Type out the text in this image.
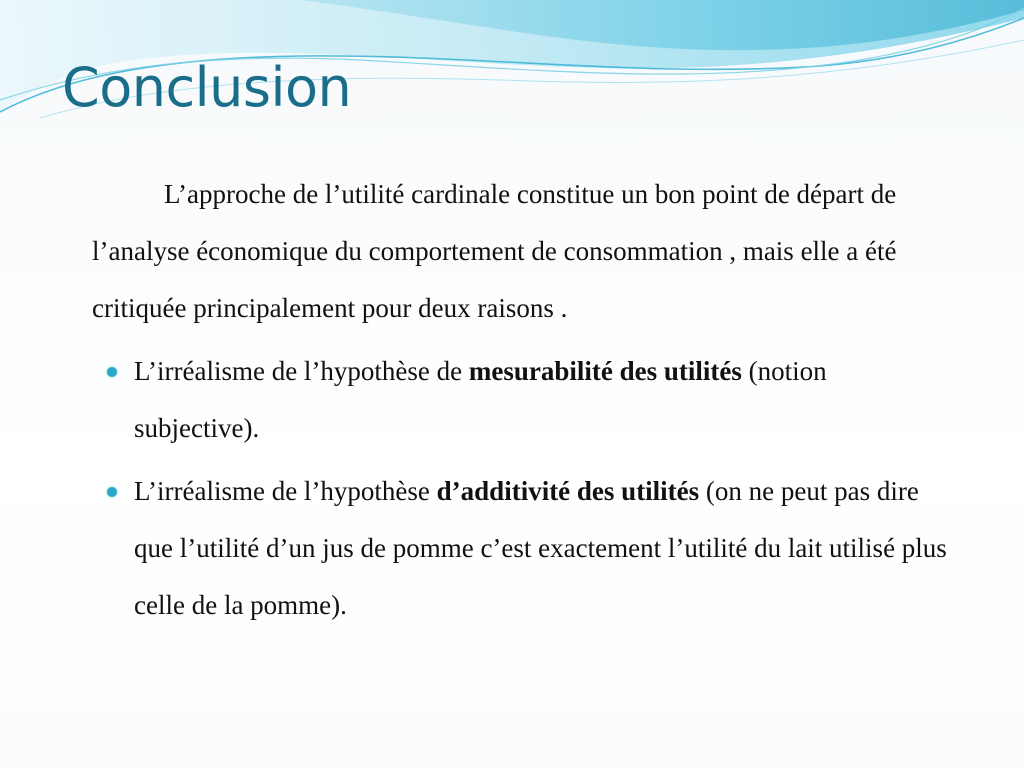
Conclusion

L’approche de l’utilité cardinale constitue un bon point de départ de l’analyse économique du comportement de consommation , mais elle a été critiquée principalement pour deux raisons .

L’irréalisme de l’hypothèse de mesurabilité des utilités (notion subjective).
L’irréalisme de l’hypothèse d’additivité des utilités (on ne peut pas dire que l’utilité d’un jus de pomme c’est exactement l’utilité du lait utilisé plus celle de la pomme).
